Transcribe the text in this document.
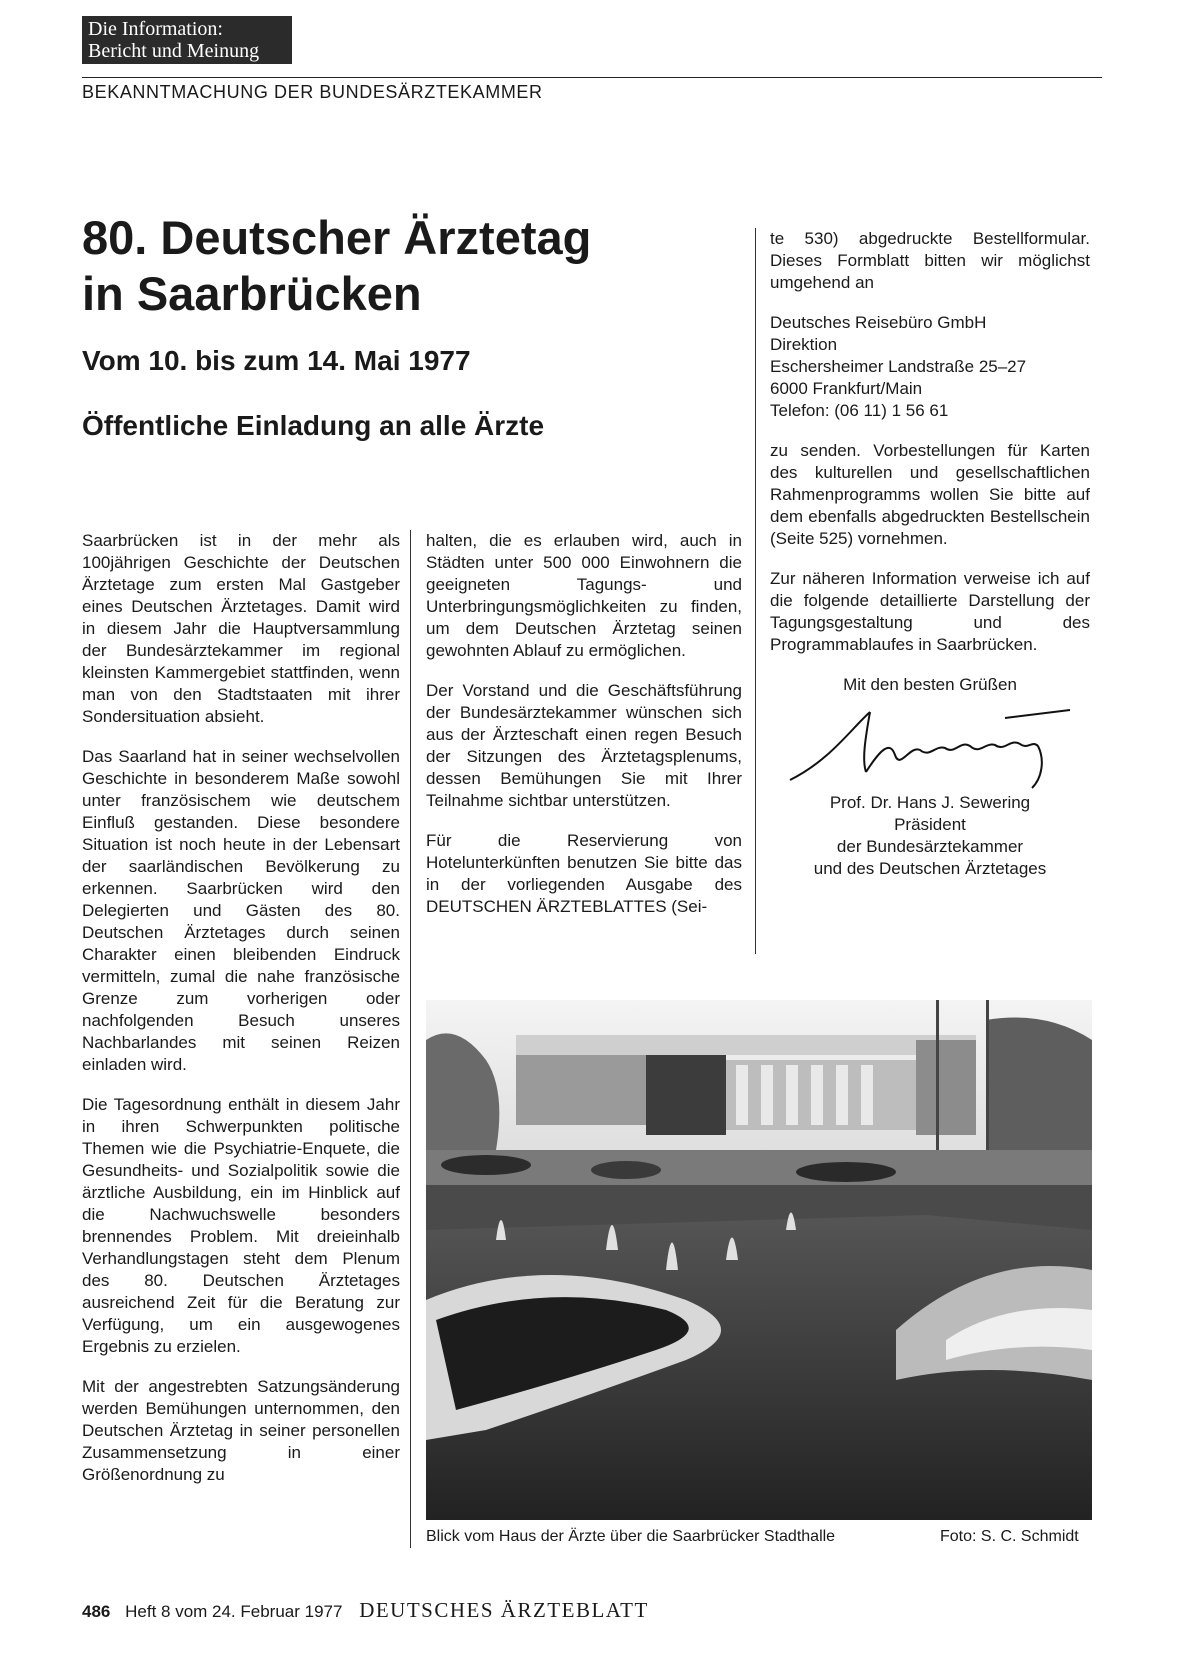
Die Information:
Bericht und Meinung
BEKANNTMACHUNG DER BUNDESÄRZTEKAMMER
80. Deutscher Ärztetag
in Saarbrücken
Vom 10. bis zum 14. Mai 1977
Öffentliche Einladung an alle Ärzte

Saarbrücken ist in der mehr als 100jährigen Geschichte der Deutschen Ärztetage zum ersten Mal Gastgeber eines Deutschen Ärztetages. Damit wird in diesem Jahr die Hauptversammlung der Bundesärztekammer im regional kleinsten Kammergebiet stattfinden, wenn man von den Stadtstaaten mit ihrer Sondersituation absieht.

Das Saarland hat in seiner wechselvollen Geschichte in besonderem Maße sowohl unter französischem wie deutschem Einfluß gestanden. Diese besondere Situation ist noch heute in der Lebensart der saarländischen Bevölkerung zu erkennen. Saarbrücken wird den Delegierten und Gästen des 80. Deutschen Ärztetages durch seinen Charakter einen bleibenden Eindruck vermitteln, zumal die nahe französische Grenze zum vorherigen oder nachfolgenden Besuch unseres Nachbarlandes mit seinen Reizen einladen wird.

Die Tagesordnung enthält in diesem Jahr in ihren Schwerpunkten politische Themen wie die Psychiatrie-Enquete, die Gesundheits- und Sozialpolitik sowie die ärztliche Ausbildung, ein im Hinblick auf die Nachwuchswelle besonders brennendes Problem. Mit dreieinhalb Verhandlungstagen steht dem Plenum des 80. Deutschen Ärztetages ausreichend Zeit für die Beratung zur Verfügung, um ein ausgewogenes Ergebnis zu erzielen.

Mit der angestrebten Satzungsänderung werden Bemühungen unternommen, den Deutschen Ärztetag in seiner personellen Zusammensetzung in einer Größenordnung zu

halten, die es erlauben wird, auch in Städten unter 500 000 Einwohnern die geeigneten Tagungs- und Unterbringungsmöglichkeiten zu finden, um dem Deutschen Ärztetag seinen gewohnten Ablauf zu ermöglichen.

Der Vorstand und die Geschäftsführung der Bundesärztekammer wünschen sich aus der Ärzteschaft einen regen Besuch der Sitzungen des Ärztetagsplenums, dessen Bemühungen Sie mit Ihrer Teilnahme sichtbar unterstützen.

Für die Reservierung von Hotelunterkünften benutzen Sie bitte das in der vorliegenden Ausgabe des DEUTSCHEN ÄRZTEBLATTES (Sei-

te 530) abgedruckte Bestellformular. Dieses Formblatt bitten wir möglichst umgehend an

Deutsches Reisebüro GmbH
Direktion
Eschersheimer Landstraße 25–27
6000 Frankfurt/Main
Telefon: (06 11) 1 56 61

zu senden. Vorbestellungen für Karten des kulturellen und gesellschaftlichen Rahmenprogramms wollen Sie bitte auf dem ebenfalls abgedruckten Bestellschein (Seite 525) vornehmen.

Zur näheren Information verweise ich auf die folgende detaillierte Darstellung der Tagungsgestaltung und des Programmablaufes in Saarbrücken.

Mit den besten Grüßen
Prof. Dr. Hans J. Sewering
Präsident
der Bundesärztekammer
und des Deutschen Ärztetages
Blick vom Haus der Ärzte über die Saarbrücker Stadthalle	Foto: S. C. Schmidt
486 Heft 8 vom 24. Februar 1977 DEUTSCHES ÄRZTEBLATT
